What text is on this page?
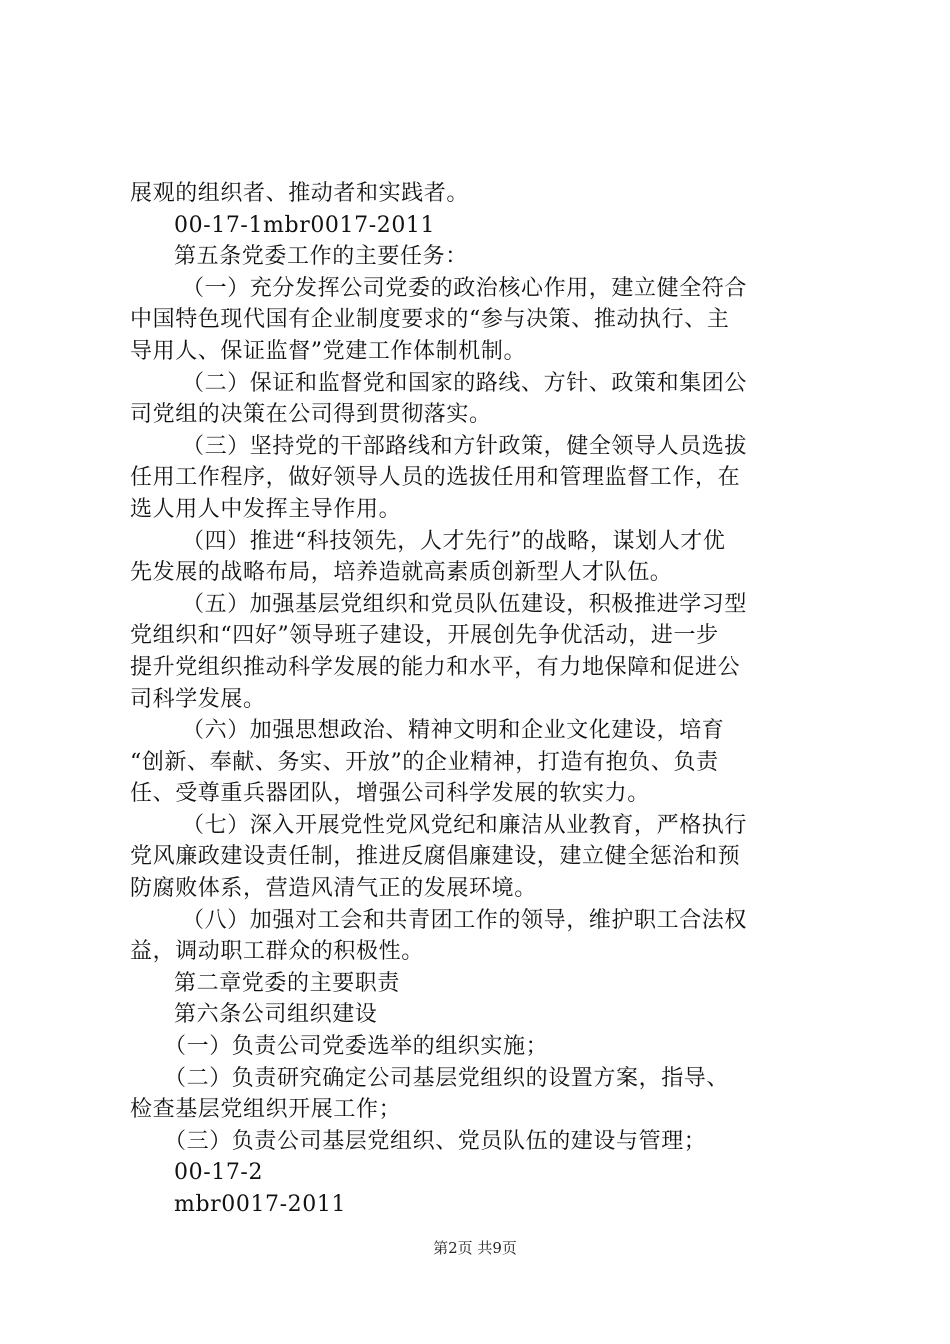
展观的组织者、推动者和实践者。
00-17-1mbr0017-2011
第五条党委工作的主要任务：
（一）充分发挥公司党委的政治核心作用，建立健全符合
中国特色现代国有企业制度要求的“参与决策、推动执行、主
导用人、保证监督”党建工作体制机制。
（二）保证和监督党和国家的路线、方针、政策和集团公
司党组的决策在公司得到贯彻落实。
（三）坚持党的干部路线和方针政策，健全领导人员选拔
任用工作程序，做好领导人员的选拔任用和管理监督工作，在
选人用人中发挥主导作用。
（四）推进“科技领先，人才先行”的战略，谋划人才优
先发展的战略布局，培养造就高素质创新型人才队伍。
（五）加强基层党组织和党员队伍建设，积极推进学习型
党组织和“四好”领导班子建设，开展创先争优活动，进一步
提升党组织推动科学发展的能力和水平，有力地保障和促进公
司科学发展。
（六）加强思想政治、精神文明和企业文化建设，培育
“创新、奉献、务实、开放”的企业精神，打造有抱负、负责
任、受尊重兵器团队，增强公司科学发展的软实力。
（七）深入开展党性党风党纪和廉洁从业教育，严格执行
党风廉政建设责任制，推进反腐倡廉建设，建立健全惩治和预
防腐败体系，营造风清气正的发展环境。
（八）加强对工会和共青团工作的领导，维护职工合法权
益，调动职工群众的积极性。
第二章党委的主要职责
第六条公司组织建设
（一）负责公司党委选举的组织实施；
（二）负责研究确定公司基层党组织的设置方案，指导、
检查基层党组织开展工作；
（三）负责公司基层党组织、党员队伍的建设与管理；
00-17-2
mbr0017-2011
第2页 共9页
